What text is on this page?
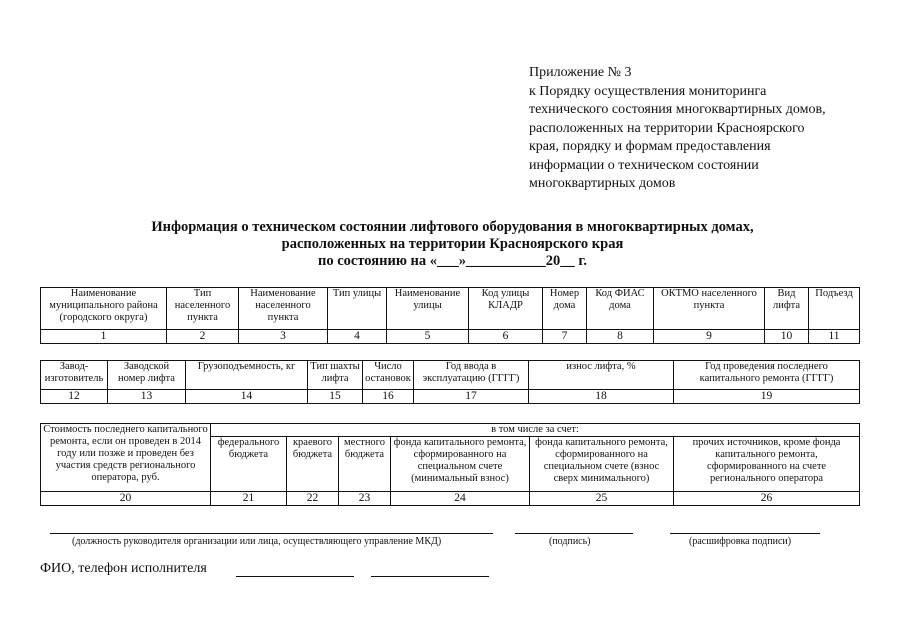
Приложение № 3
к Порядку осуществления мониторинга
технического состояния многоквартирных домов,
расположенных на территории Красноярского
края, порядку и формам предоставления
информации о техническом состоянии
многоквартирных домов
Информация о техническом состоянии лифтового оборудования в многоквартирных домах,
расположенных на территории Красноярского края
по состоянию на «___»___________20__ г.
Наименование муниципального района (городского округа)	Тип населенного пункта	Наименование населенного пункта	Тип улицы	Наименование улицы	Код улицы КЛАДР	Номер дома	Код ФИАС дома	ОКТМО населенного пункта	Вид лифта	Подъезд
1	2	3	4	5	6	7	8	9	10	11
Завод-изготовитель	Заводской номер лифта	Грузоподъемность, кг	Тип шахты лифта	Число остановок	Год ввода в эксплуатацию (ГГГГ)	износ лифта, %	Год проведения последнего капитального ремонта (ГГГГ)
12	13	14	15	16	17	18	19
Стоимость последнего капитального ремонта, если он проведен в 2014 году или позже и проведен без участия средств регионального оператора, руб.	в том числе за счет:					
	федерального бюджета	краевого бюджета	местного бюджета	фонда капитального ремонта, сформированного на специальном счете (минимальный взнос)	фонда капитального ремонта, сформированного на специальном счете (взнос сверх минимального)	прочих источников, кроме фонда капитального ремонта, сформированного на счете регионального оператора
20	21	22	23	24	25	26
(должность руководителя организации или лица, осуществляющего управление МКД)	(подпись)	(расшифровка подписи)
ФИО, телефон исполнителя
